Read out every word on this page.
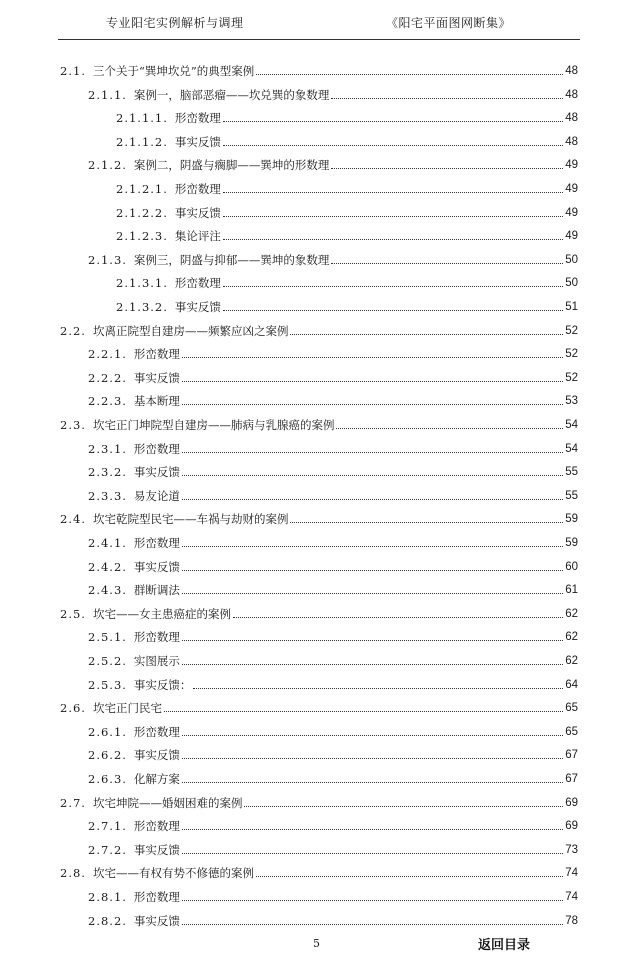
专业阳宅实例解析与调理	《阳宅平面图网断集》
2.1. 三个关于“巽坤坎兑”的典型案例	48
2.1.1. 案例一，脑部恶瘤——坎兑巽的象数理	48
2.1.1.1. 形峦数理	48
2.1.1.2. 事实反馈	48
2.1.2. 案例二，阴盛与瘸脚——巽坤的形数理	49
2.1.2.1. 形峦数理	49
2.1.2.2. 事实反馈	49
2.1.2.3. 集论评注	49
2.1.3. 案例三，阴盛与抑郁——巽坤的象数理	50
2.1.3.1. 形峦数理	50
2.1.3.2. 事实反馈	51
2.2. 坎离正院型自建房——频繁应凶之案例	52
2.2.1. 形峦数理	52
2.2.2. 事实反馈	52
2.2.3. 基本断理	53
2.3. 坎宅正门坤院型自建房——肺病与乳腺癌的案例	54
2.3.1. 形峦数理	54
2.3.2. 事实反馈	55
2.3.3. 易友论道	55
2.4. 坎宅乾院型民宅——车祸与劫财的案例	59
2.4.1. 形峦数理	59
2.4.2. 事实反馈	60
2.4.3. 群断调法	61
2.5. 坎宅——女主患癌症的案例	62
2.5.1. 形峦数理	62
2.5.2. 实图展示	62
2.5.3. 事实反馈：	64
2.6. 坎宅正门民宅	65
2.6.1. 形峦数理	65
2.6.2. 事实反馈	67
2.6.3. 化解方案	67
2.7. 坎宅坤院——婚姻困难的案例	69
2.7.1. 形峦数理	69
2.7.2. 事实反馈	73
2.8. 坎宅——有权有势不修德的案例	74
2.8.1. 形峦数理	74
2.8.2. 事实反馈	78
5	返回目录
